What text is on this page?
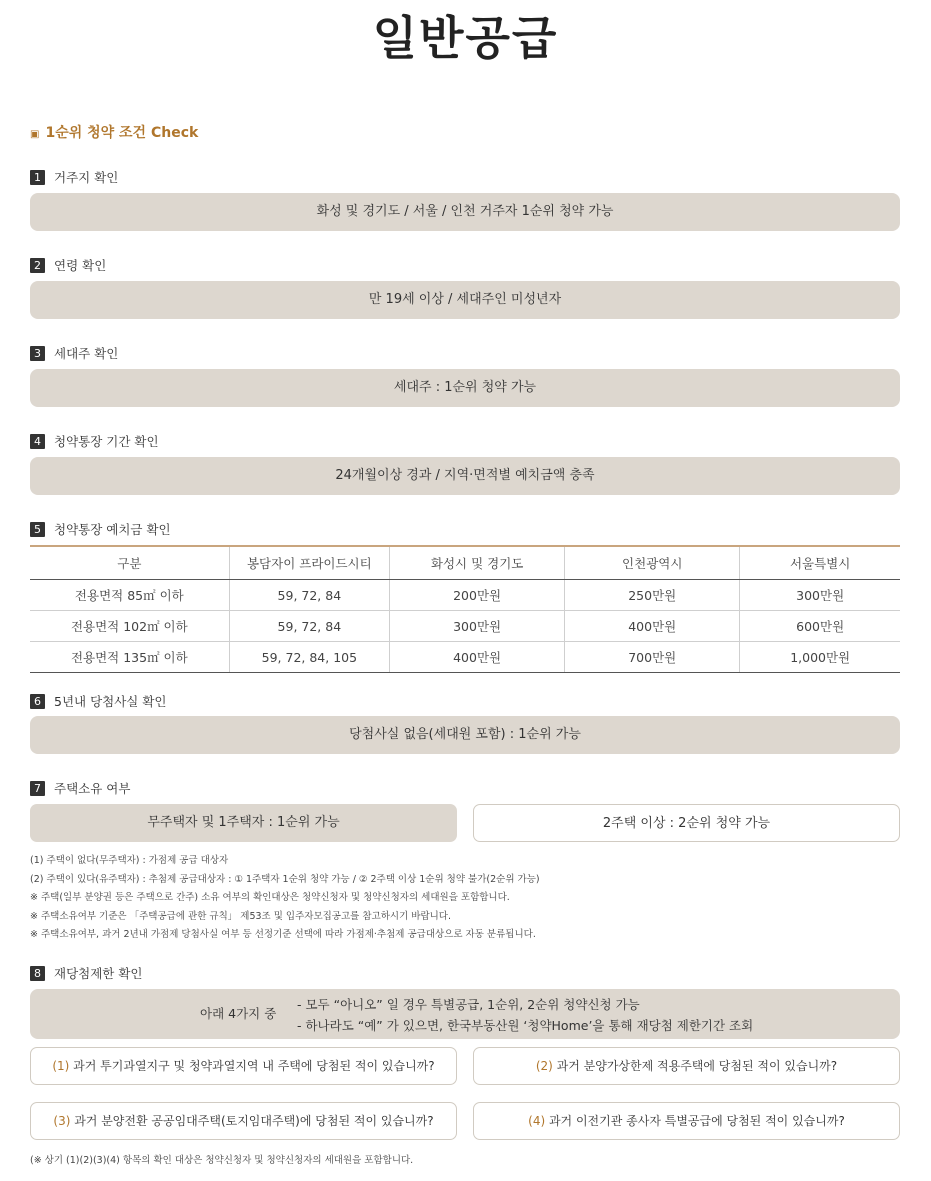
일반공급
▣ 1순위 청약 조건 Check
1	거주지 확인
화성 및 경기도 / 서울 / 인천 거주자 1순위 청약 가능
2	연령 확인
만 19세 이상 / 세대주인 미성년자
3	세대주 확인
세대주 : 1순위 청약 가능
4	청약통장 기간 확인
24개월이상 경과 / 지역·면적별 예치금액 충족
5	청약통장 예치금 확인
구분	봉담자이 프라이드시티	화성시 및 경기도	인천광역시	서울특별시
전용면적 85㎡ 이하	59, 72, 84	200만원	250만원	300만원
전용면적 102㎡ 이하	59, 72, 84	300만원	400만원	600만원
전용면적 135㎡ 이하	59, 72, 84, 105	400만원	700만원	1,000만원
6	5년내 당첨사실 확인
당첨사실 없음(세대원 포함) : 1순위 가능
7	주택소유 여부
무주택자 및 1주택자 : 1순위 가능	2주택 이상 : 2순위 청약 가능
(1) 주택이 없다(무주택자) : 가점제 공급 대상자
(2) 주택이 있다(유주택자) : 추첨제 공급대상자 : ① 1주택자 1순위 청약 가능 / ② 2주택 이상 1순위 청약 불가(2순위 가능)
※ 주택(일부 분양권 등은 주택으로 간주) 소유 여부의 확인대상은 청약신청자 및 청약신청자의 세대원을 포함합니다.
※ 주택소유여부 기준은 「주택공급에 관한 규칙」 제53조 및 입주자모집공고를 참고하시기 바랍니다.
※ 주택소유여부, 과거 2년내 가점제 당첨사실 여부 등 선정기준 선택에 따라 가점제·추첨제 공급대상으로 자동 분류됩니다.
8	재당첨제한 확인
아래 4가지 중
- 모두 “아니오” 일 경우 특별공급, 1순위, 2순위 청약신청 가능
- 하나라도 “예” 가 있으면, 한국부동산원 ‘청약Home’을 통해 재당첨 제한기간 조회
(1) 과거 투기과열지구 및 청약과열지역 내 주택에 당첨된 적이 있습니까?	(2) 과거 분양가상한제 적용주택에 당첨된 적이 있습니까?
(3) 과거 분양전환 공공임대주택(토지임대주택)에 당첨된 적이 있습니까?	(4) 과거 이전기관 종사자 특별공급에 당첨된 적이 있습니까?
(※ 상기 (1)(2)(3)(4) 항목의 확인 대상은 청약신청자 및 청약신청자의 세대원을 포함합니다.
